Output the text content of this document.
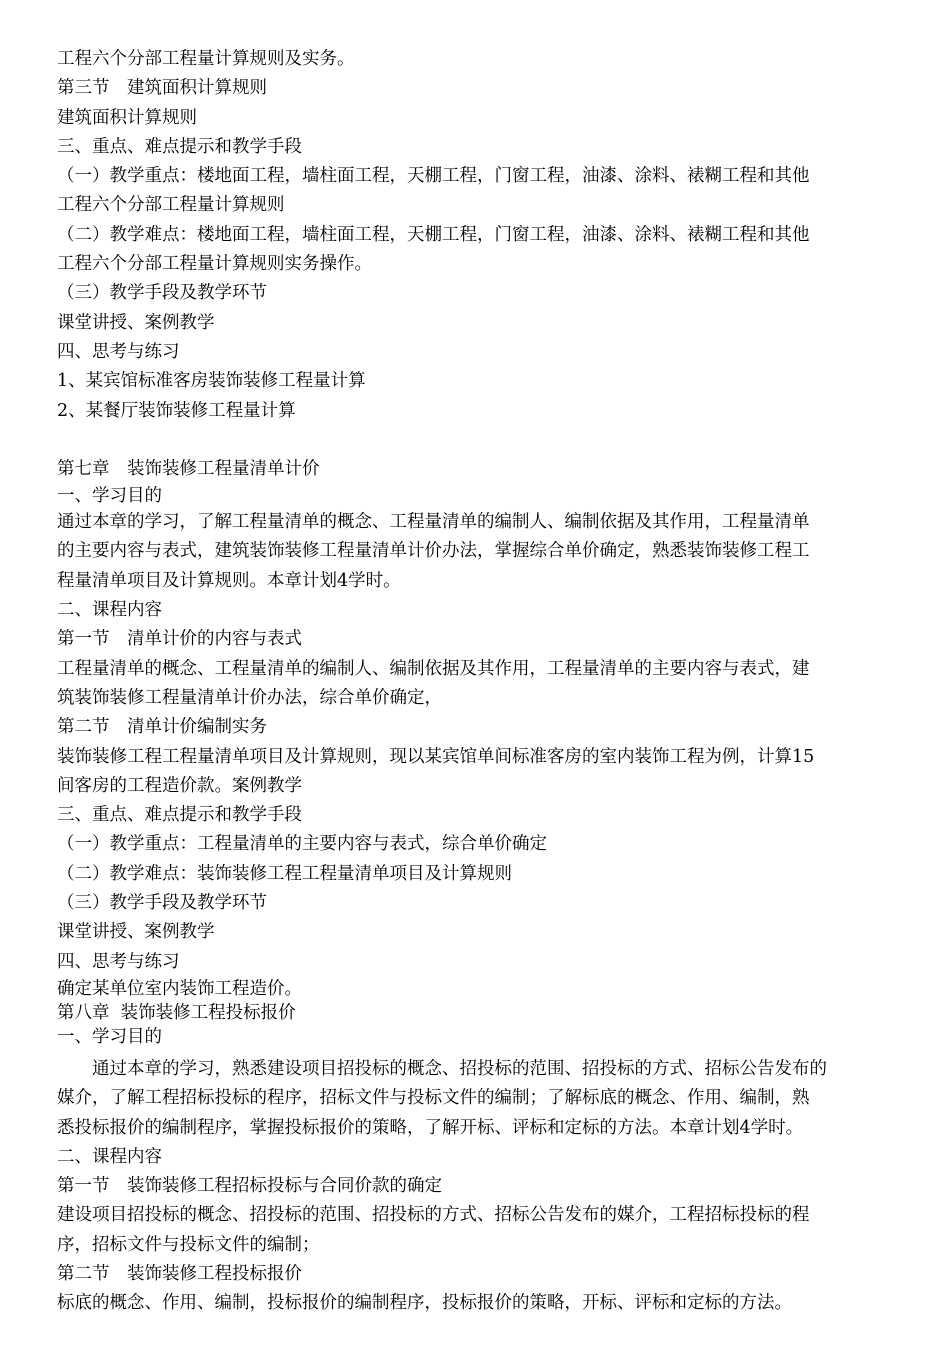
工程六个分部工程量计算规则及实务。
第三节　建筑面积计算规则
建筑面积计算规则
三、重点、难点提示和教学手段
（一）教学重点：楼地面工程，墙柱面工程，天棚工程，门窗工程，油漆、涂料、裱糊工程和其他
工程六个分部工程量计算规则
（二）教学难点：楼地面工程，墙柱面工程，天棚工程，门窗工程，油漆、涂料、裱糊工程和其他
工程六个分部工程量计算规则实务操作。
（三）教学手段及教学环节
课堂讲授、案例教学
四、思考与练习
1、某宾馆标准客房装饰装修工程量计算
2、某餐厅装饰装修工程量计算
第七章　装饰装修工程量清单计价
一、学习目的
通过本章的学习，了解工程量清单的概念、工程量清单的编制人、编制依据及其作用，工程量清单
的主要内容与表式，建筑装饰装修工程量清单计价办法，掌握综合单价确定，熟悉装饰装修工程工
程量清单项目及计算规则。本章计划4学时。
二、课程内容
第一节　清单计价的内容与表式
工程量清单的概念、工程量清单的编制人、编制依据及其作用，工程量清单的主要内容与表式，建
筑装饰装修工程量清单计价办法，综合单价确定，
第二节　清单计价编制实务
装饰装修工程工程量清单项目及计算规则，现以某宾馆单间标准客房的室内装饰工程为例，计算15
间客房的工程造价款。案例教学
三、重点、难点提示和教学手段
（一）教学重点：工程量清单的主要内容与表式，综合单价确定
（二）教学难点：装饰装修工程工程量清单项目及计算规则
（三）教学手段及教学环节
课堂讲授、案例教学
四、思考与练习
确定某单位室内装饰工程造价。
第八章  装饰装修工程投标报价
一、学习目的
　　通过本章的学习，熟悉建设项目招投标的概念、招投标的范围、招投标的方式、招标公告发布的
媒介，了解工程招标投标的程序，招标文件与投标文件的编制；了解标底的概念、作用、编制，熟
悉投标报价的编制程序，掌握投标报价的策略，了解开标、评标和定标的方法。本章计划4学时。
二、课程内容
第一节　装饰装修工程招标投标与合同价款的确定
建设项目招投标的概念、招投标的范围、招投标的方式、招标公告发布的媒介，工程招标投标的程
序，招标文件与投标文件的编制；
第二节　装饰装修工程投标报价
标底的概念、作用、编制，投标报价的编制程序，投标报价的策略，开标、评标和定标的方法。
